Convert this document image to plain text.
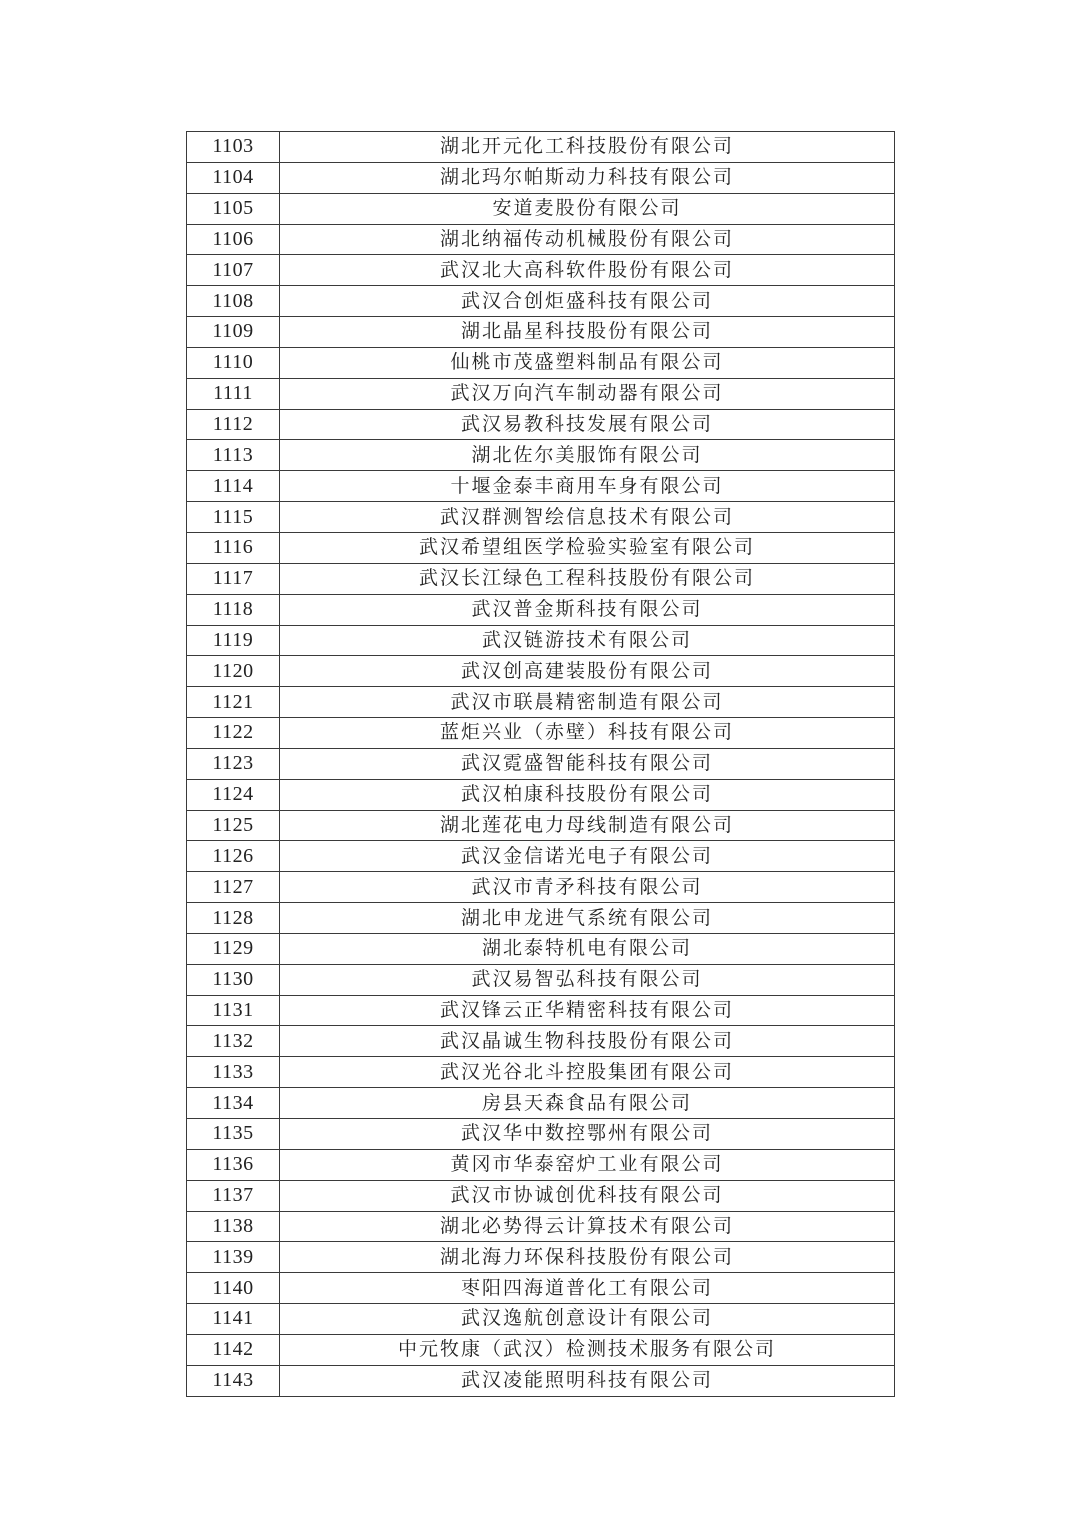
1103	湖北开元化工科技股份有限公司
1104	湖北玛尔帕斯动力科技有限公司
1105	安道麦股份有限公司
1106	湖北纳福传动机械股份有限公司
1107	武汉北大高科软件股份有限公司
1108	武汉合创炬盛科技有限公司
1109	湖北晶星科技股份有限公司
1110	仙桃市茂盛塑料制品有限公司
1111	武汉万向汽车制动器有限公司
1112	武汉易教科技发展有限公司
1113	湖北佐尔美服饰有限公司
1114	十堰金泰丰商用车身有限公司
1115	武汉群测智绘信息技术有限公司
1116	武汉希望组医学检验实验室有限公司
1117	武汉长江绿色工程科技股份有限公司
1118	武汉普金斯科技有限公司
1119	武汉链游技术有限公司
1120	武汉创高建装股份有限公司
1121	武汉市联晨精密制造有限公司
1122	蓝炬兴业（赤壁）科技有限公司
1123	武汉霓盛智能科技有限公司
1124	武汉柏康科技股份有限公司
1125	湖北莲花电力母线制造有限公司
1126	武汉金信诺光电子有限公司
1127	武汉市青矛科技有限公司
1128	湖北申龙进气系统有限公司
1129	湖北泰特机电有限公司
1130	武汉易智弘科技有限公司
1131	武汉锋云正华精密科技有限公司
1132	武汉晶诚生物科技股份有限公司
1133	武汉光谷北斗控股集团有限公司
1134	房县天森食品有限公司
1135	武汉华中数控鄂州有限公司
1136	黄冈市华泰窑炉工业有限公司
1137	武汉市协诚创优科技有限公司
1138	湖北必势得云计算技术有限公司
1139	湖北海力环保科技股份有限公司
1140	枣阳四海道普化工有限公司
1141	武汉逸航创意设计有限公司
1142	中元牧康（武汉）检测技术服务有限公司
1143	武汉凌能照明科技有限公司
